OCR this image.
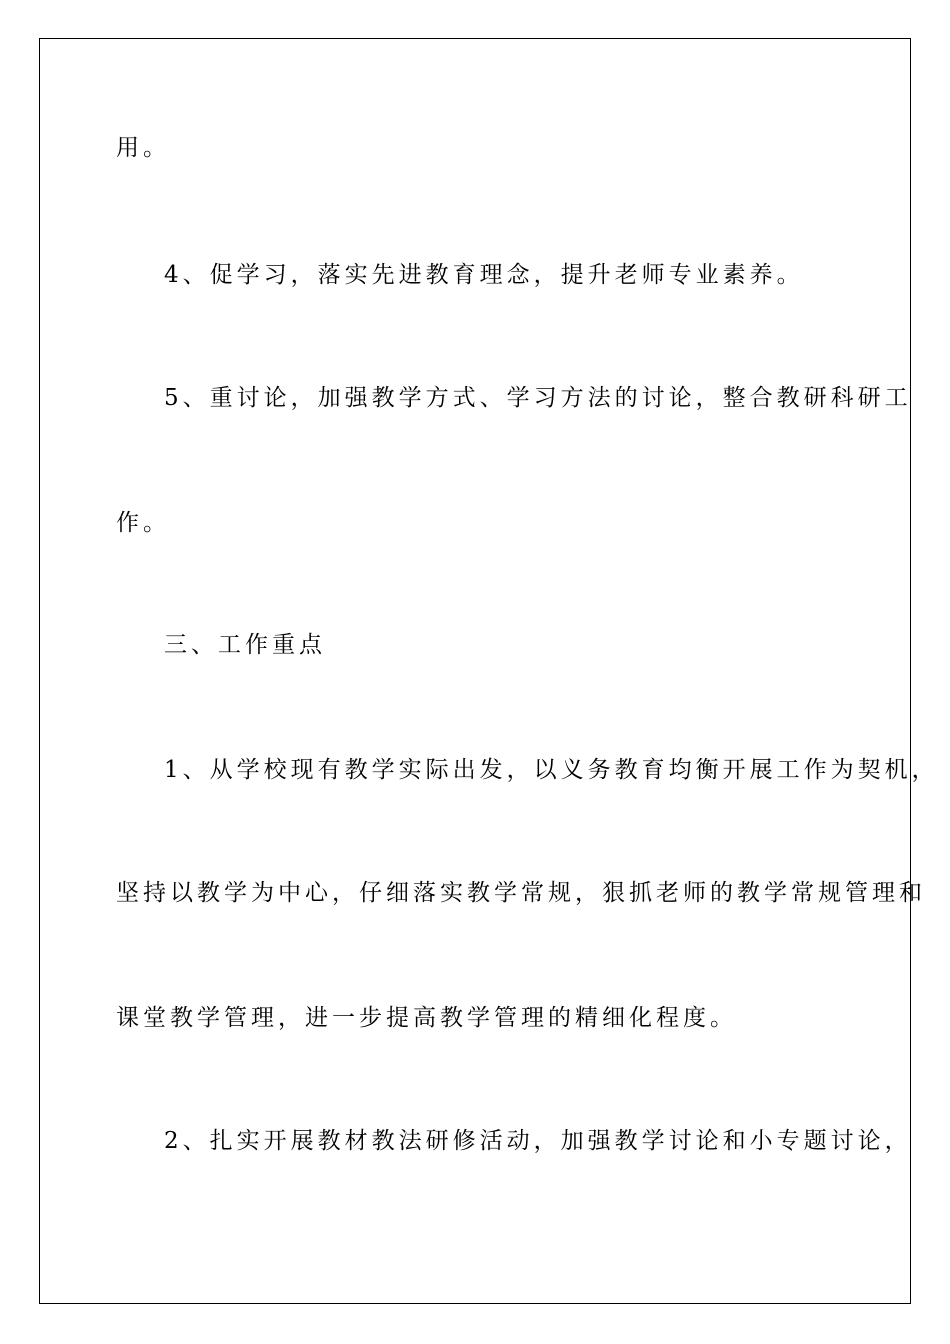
用。
4、促学习，落实先进教育理念，提升老师专业素养。
5、重讨论，加强教学方式、学习方法的讨论，整合教研科研工
作。
三、工作重点
1、从学校现有教学实际出发，以义务教育均衡开展工作为契机，
坚持以教学为中心，仔细落实教学常规，狠抓老师的教学常规管理和
课堂教学管理，进一步提高教学管理的精细化程度。
2、扎实开展教材教法研修活动，加强教学讨论和小专题讨论，
